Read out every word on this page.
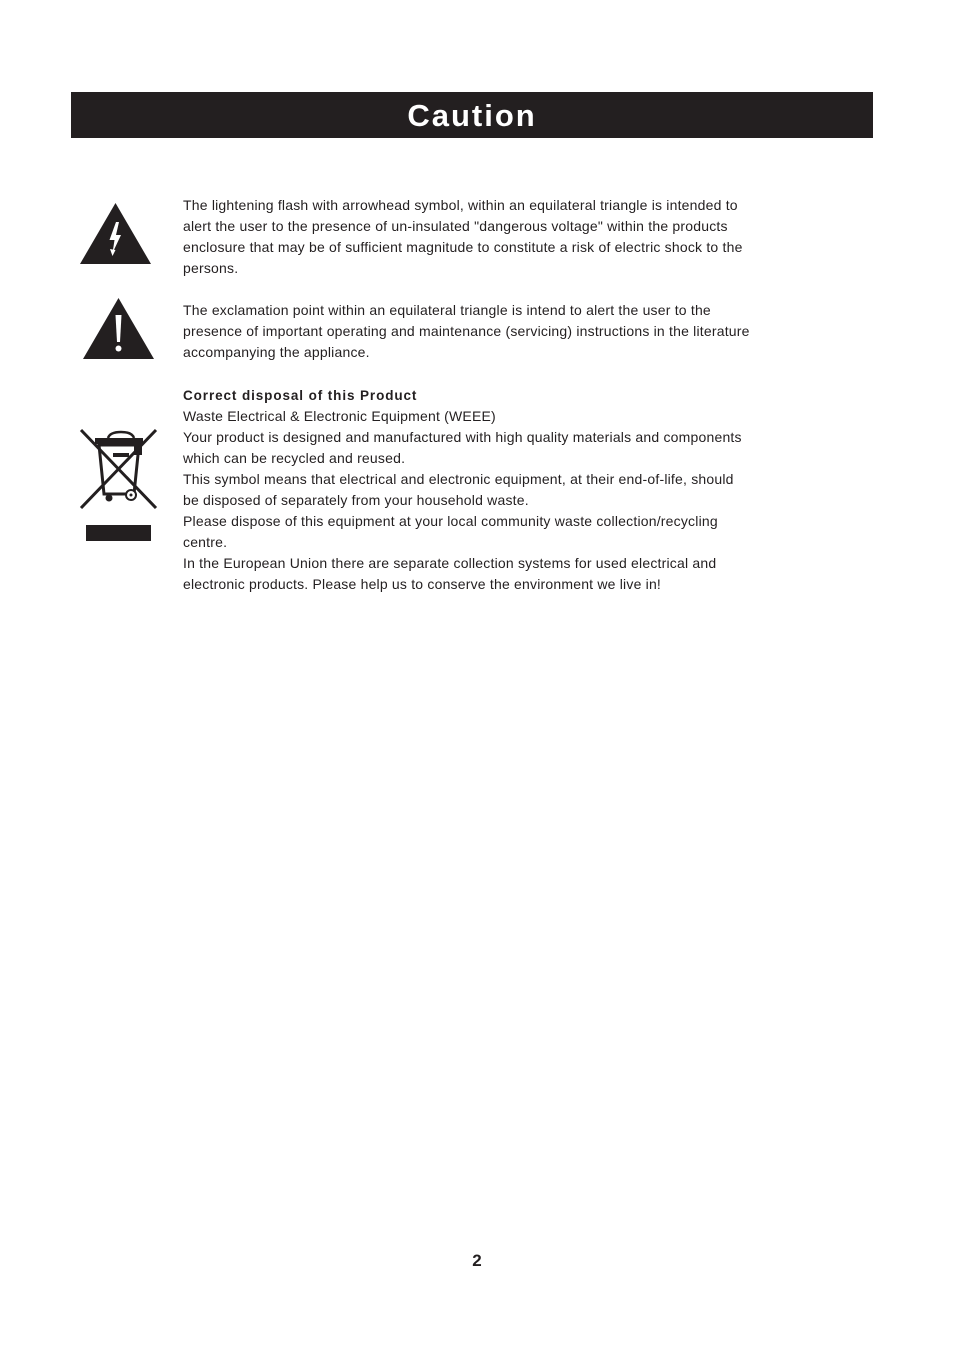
Caution

The lightening flash with arrowhead symbol, within an equilateral triangle is intended to alert the user to the presence of un-insulated "dangerous voltage" within the products enclosure that may be of sufficient magnitude to constitute a risk of electric shock to the persons.

The exclamation point within an equilateral triangle is intend to alert the user to the presence of important operating and maintenance (servicing) instructions in the literature accompanying the appliance.

Correct disposal of this Product

Waste Electrical & Electronic Equipment (WEEE)

Your product is designed and manufactured with high quality materials and components which can be recycled and reused.

This symbol means that electrical and electronic equipment, at their end-of-life, should be disposed of separately from your household waste.

Please dispose of this equipment at your local community waste collection/recycling centre.

In the European Union there are separate collection systems for used electrical and electronic products. Please help us to conserve the environment we live in!

2
